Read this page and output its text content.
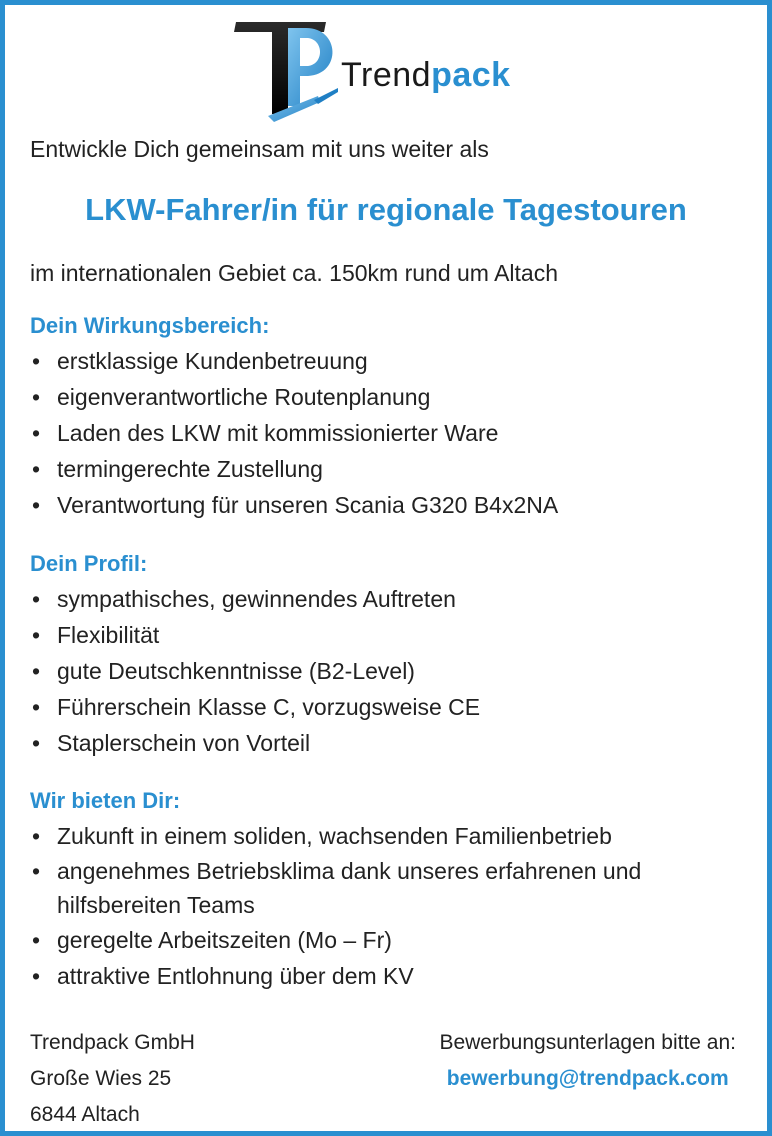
Trendpack
Entwickle Dich gemeinsam mit uns weiter als
LKW-Fahrer/in für regionale Tagestouren
im internationalen Gebiet ca. 150km rund um Altach
Dein Wirkungsbereich:
• erstklassige Kundenbetreuung
• eigenverantwortliche Routenplanung
• Laden des LKW mit kommissionierter Ware
• termingerechte Zustellung
• Verantwortung für unseren Scania G320 B4x2NA
Dein Profil:
• sympathisches, gewinnendes Auftreten
• Flexibilität
• gute Deutschkenntnisse (B2-Level)
• Führerschein Klasse C, vorzugsweise CE
• Staplerschein von Vorteil
Wir bieten Dir:
• Zukunft in einem soliden, wachsenden Familienbetrieb
• angenehmes Betriebsklima dank unseres erfahrenen und hilfsbereiten Teams
• geregelte Arbeitszeiten (Mo – Fr)
• attraktive Entlohnung über dem KV
Trendpack GmbH
Große Wies 25
6844 Altach
Bewerbungsunterlagen bitte an:
bewerbung@trendpack.com
